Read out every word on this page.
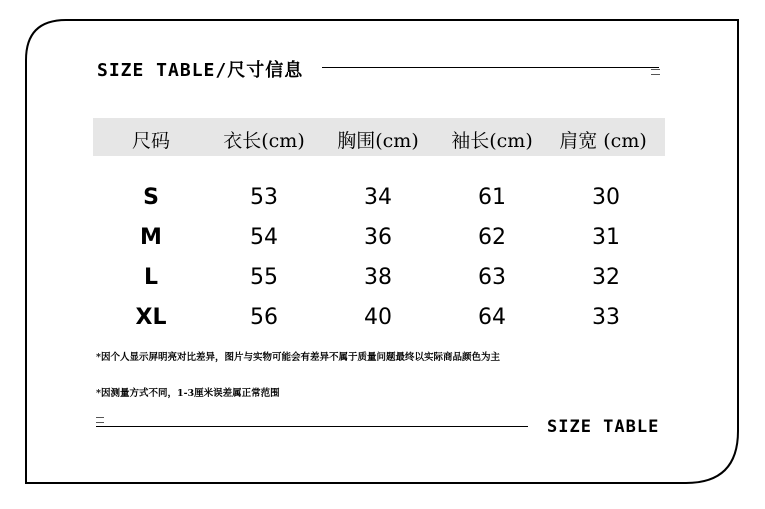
SIZE TABLE/尺寸信息
尺码	衣长(cm) 胸围(cm) 袖长(cm) 肩宽 (cm)
S	53	34	61	30
M	54	36	62	31
L	55	38	63	32
XL	56	40	64	33
*因个人显示屏明亮对比差异，图片与实物可能会有差异不属于质量问题最终以实际商品颜色为主
*因测量方式不同，1-3厘米误差属正常范围
SIZE TABLE
